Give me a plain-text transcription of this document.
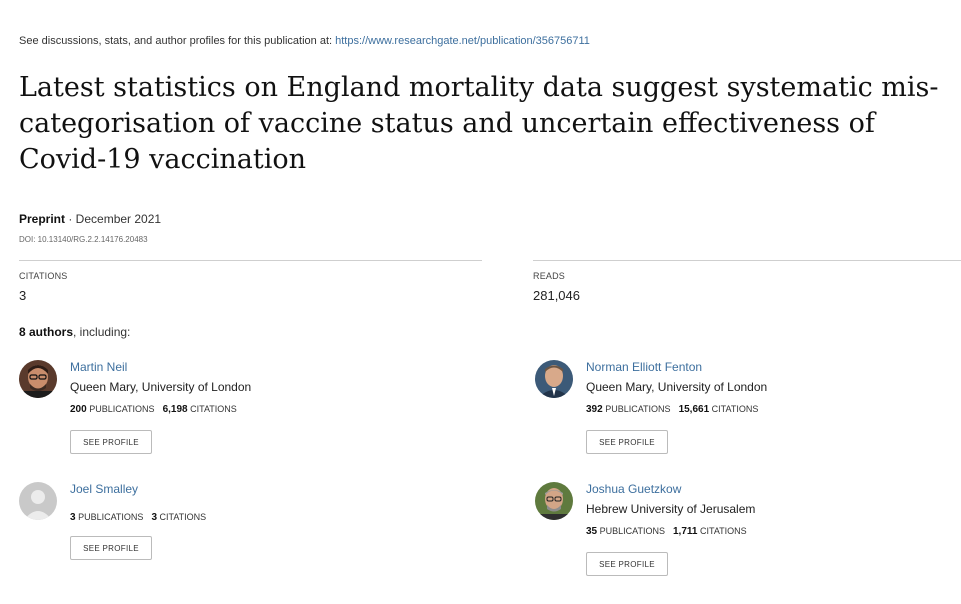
See discussions, stats, and author profiles for this publication at: https://www.researchgate.net/publication/356756711
Latest statistics on England mortality data suggest systematic mis-categorisation of vaccine status and uncertain effectiveness of Covid-19 vaccination
Preprint · December 2021
DOI: 10.13140/RG.2.2.14176.20483
CITATIONS
3
READS
281,046
8 authors, including:
Martin Neil
Queen Mary, University of London
200 PUBLICATIONS 6,198 CITATIONS
SEE PROFILE
Norman Elliott Fenton
Queen Mary, University of London
392 PUBLICATIONS 15,661 CITATIONS
SEE PROFILE
Joel Smalley
3 PUBLICATIONS 3 CITATIONS
SEE PROFILE
Joshua Guetzkow
Hebrew University of Jerusalem
35 PUBLICATIONS 1,711 CITATIONS
SEE PROFILE
